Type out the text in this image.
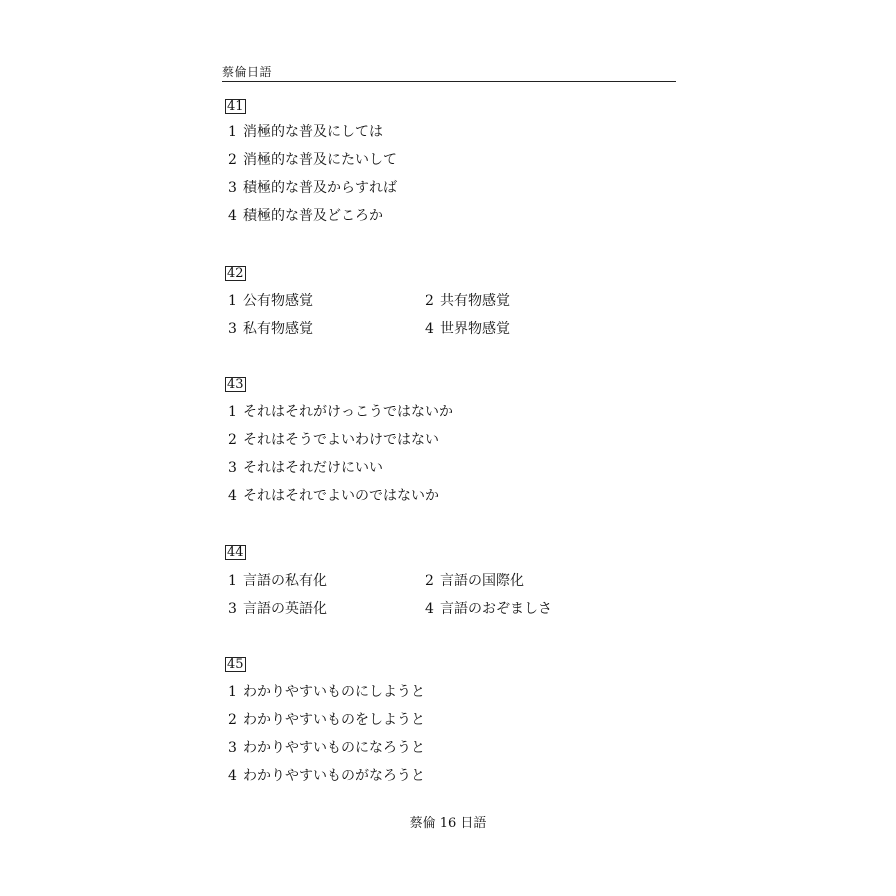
蔡倫日語
41
1 消極的な普及にしては
2 消極的な普及にたいして
3 積極的な普及からすれば
4 積極的な普及どころか
42
1 公有物感覚	2 共有物感覚
3 私有物感覚	4 世界物感覚
43
1 それはそれがけっこうではないか
2 それはそうでよいわけではない
3 それはそれだけにいい
4 それはそれでよいのではないか
44
1 言語の私有化	2 言語の国際化
3 言語の英語化	4 言語のおぞましさ
45
1 わかりやすいものにしようと
2 わかりやすいものをしようと
3 わかりやすいものになろうと
4 わかりやすいものがなろうと
蔡倫 16 日語
